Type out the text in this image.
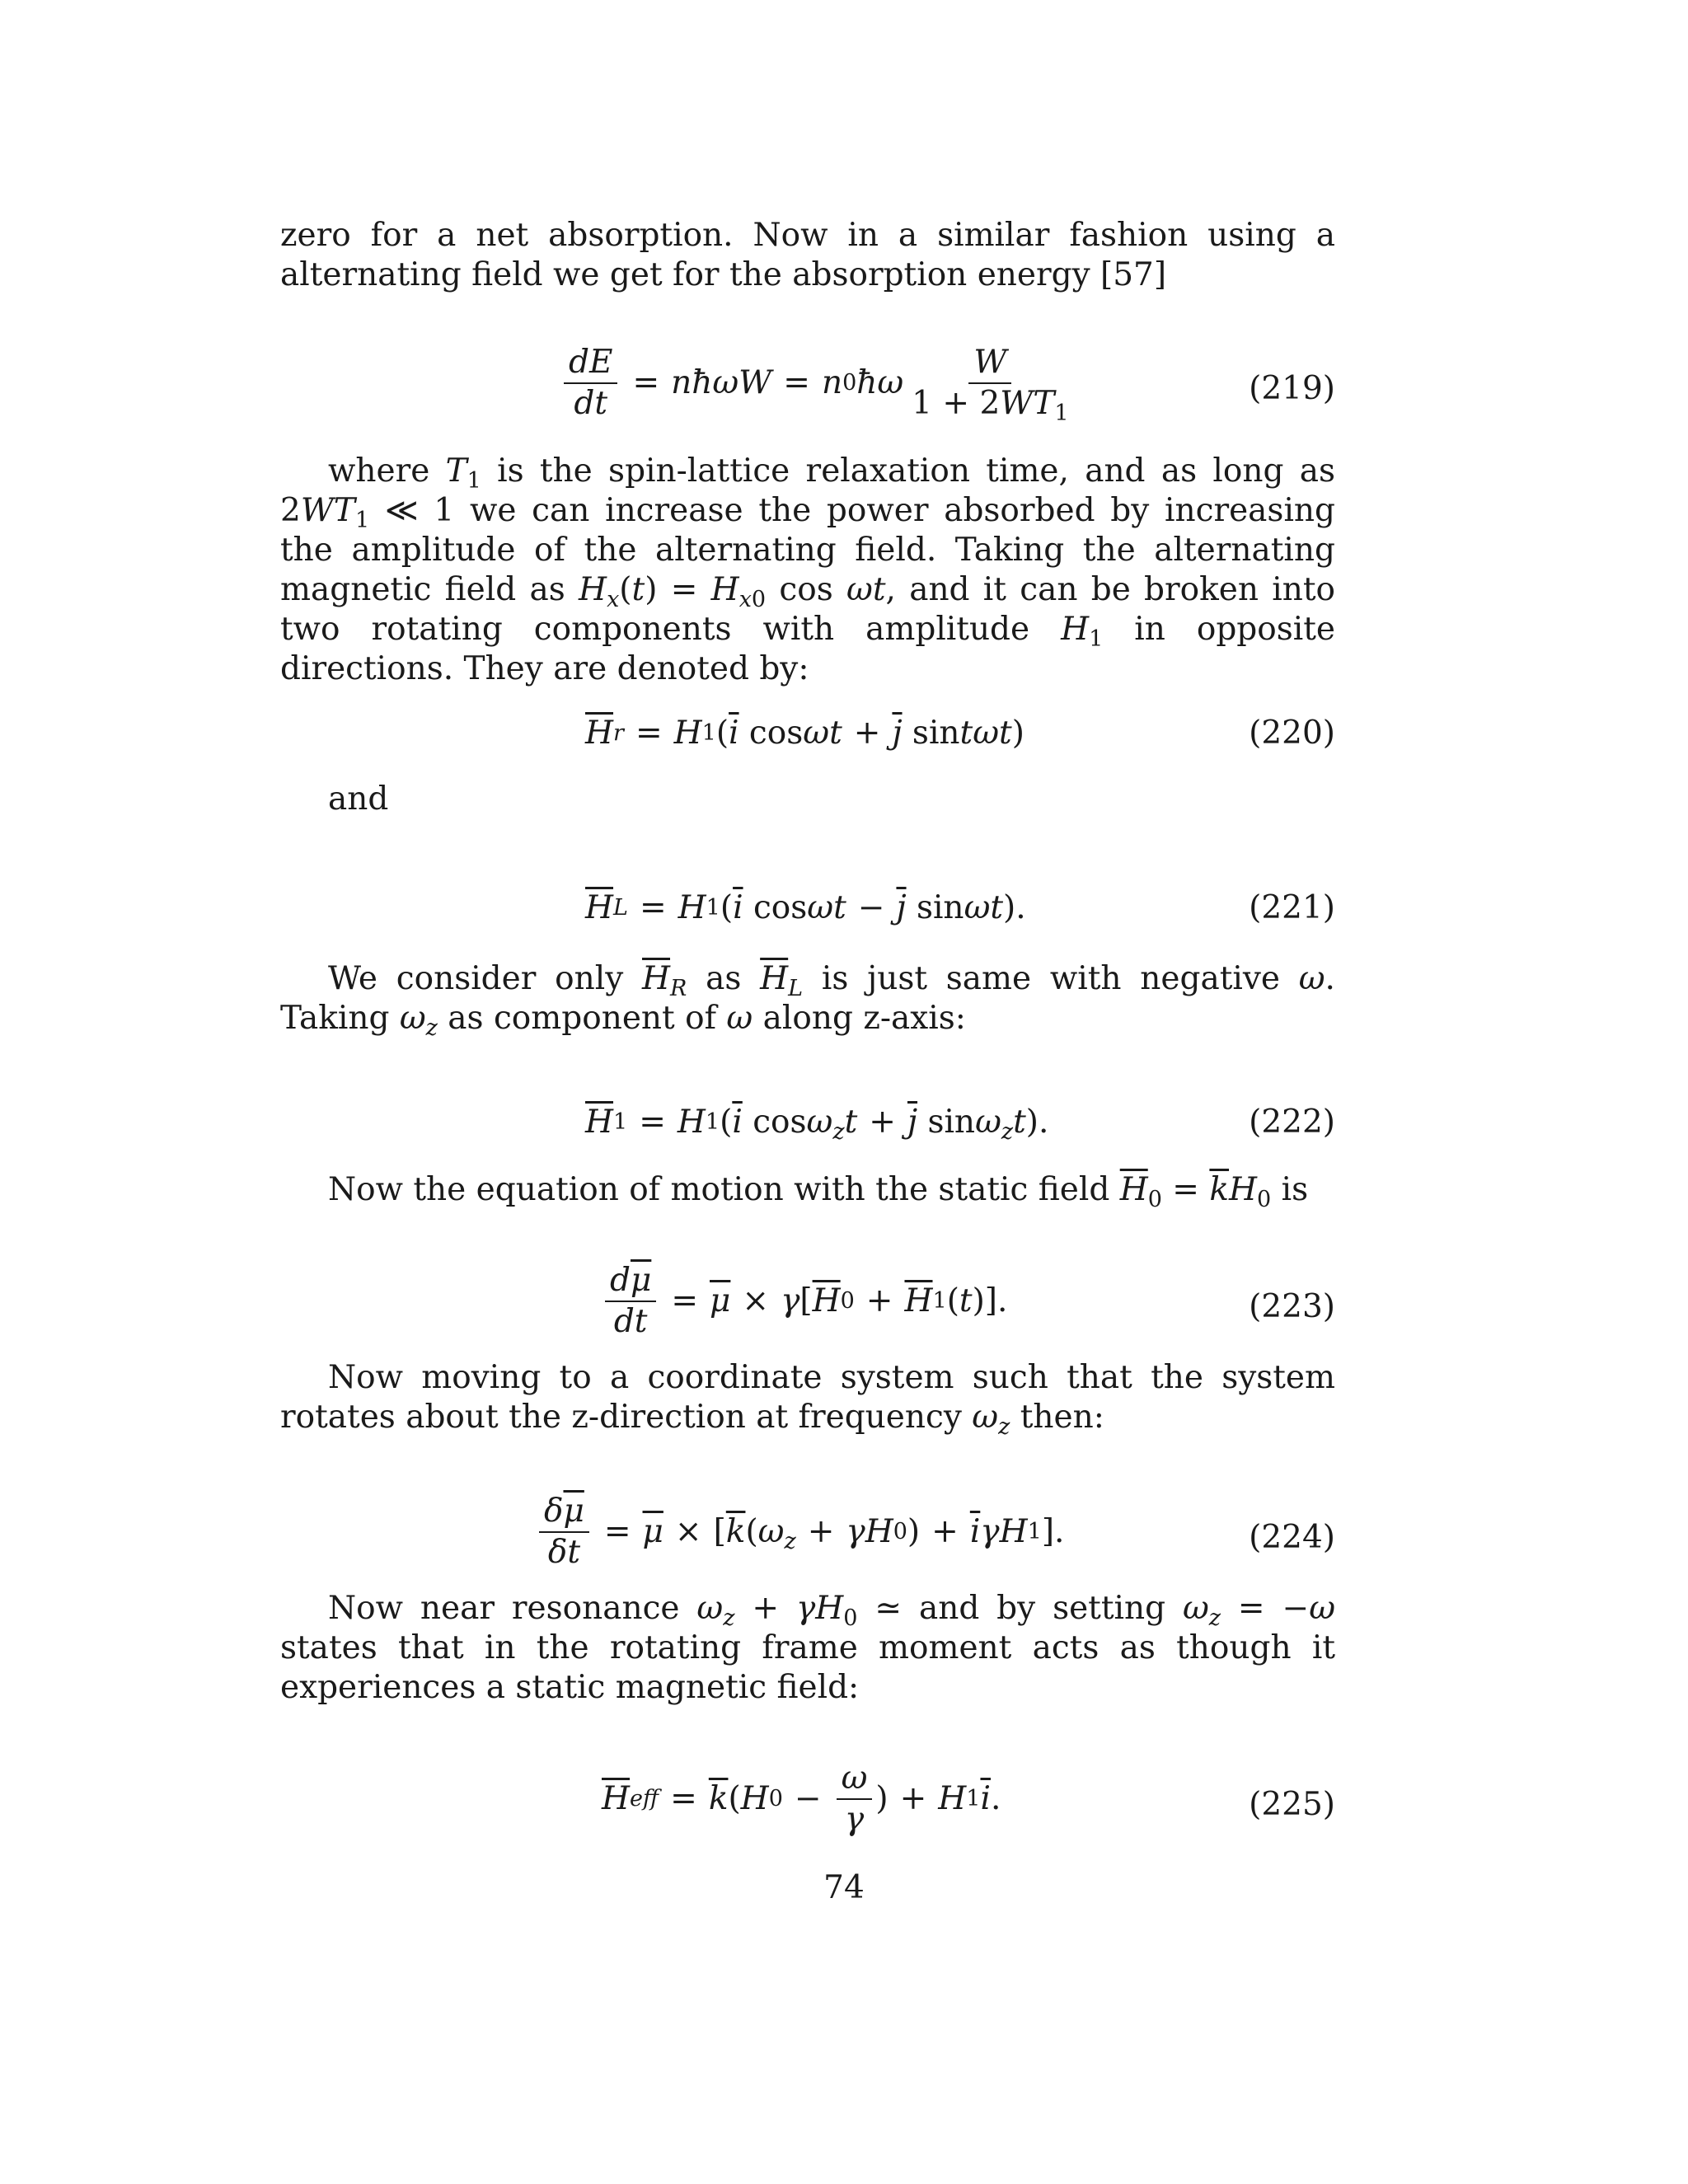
zero for a net absorption. Now in a similar fashion using a alternating field we get for the absorption energy [57]

$\frac{dE}{dt}$ = nħωW = n 0 ħω $\frac{W}{1 + 2WT_1}$	(219)

where $T_1$ is the spin-lattice relaxation time, and as long as $2WT_1$ ≪ 1 we can increase the power absorbed by increasing the amplitude of the alternating field. Taking the alternating magnetic field as $H_x(t) = H_{x0}$ cos ωt, and it can be broken into two rotating components with amplitude $H_1$ in opposite directions. They are denoted by:

$\overline{H}$ r = H 1 ( $\overline{i}$ $\cos \omega t + \overline{j}$ sin tωt )	(220)

and

$\overline{H}$ L = H 1 ( $\overline{i}$ $\cos \omega t - \overline{j}$ sin ωt ).	(221)

We consider only $\overline{H}_R$ as $\overline{H}_L$ is just same with negative ω. Taking $\omega_z$ as component of ω along z-axis:

$\overline{H}$ 1 = H 1 ( $\overline{i}$ $\cos \omega_zt + \overline{j}$ $\sin \omega_zt$ ).	(222)

Now the equation of motion with the static field $\overline{H}_0 = \overline{k}H_0$ is

$\frac{d\overline{\mu}}{dt} = \overline{\mu} \times \gamma$ [ $\overline{H}$ $0 + \overline{H}$ 1 ( t )].	(223)

Now moving to a coordinate system such that the system rotates about the z-direction at frequency $\omega_z$ then:

$\frac{\delta\overline{\mu}}{\delta t} = \overline{\mu}$ × [ $\overline{k}$ ( $\omega_z + \gamma H$ 0 ) + $\overline{i}$ γH 1 ].	(224)

Now near resonance $\omega_z + \gamma H_0$ ≃ and by setting $\omega_z = -\omega$ states that in the rotating frame moment acts as though it experiences a static magnetic field:

$\overline{H}$ eff = $\overline{k}$ ( H $0 - \frac{\omega}{\gamma}$ ) + H 1 $\overline{i}$ .	(225)
74
